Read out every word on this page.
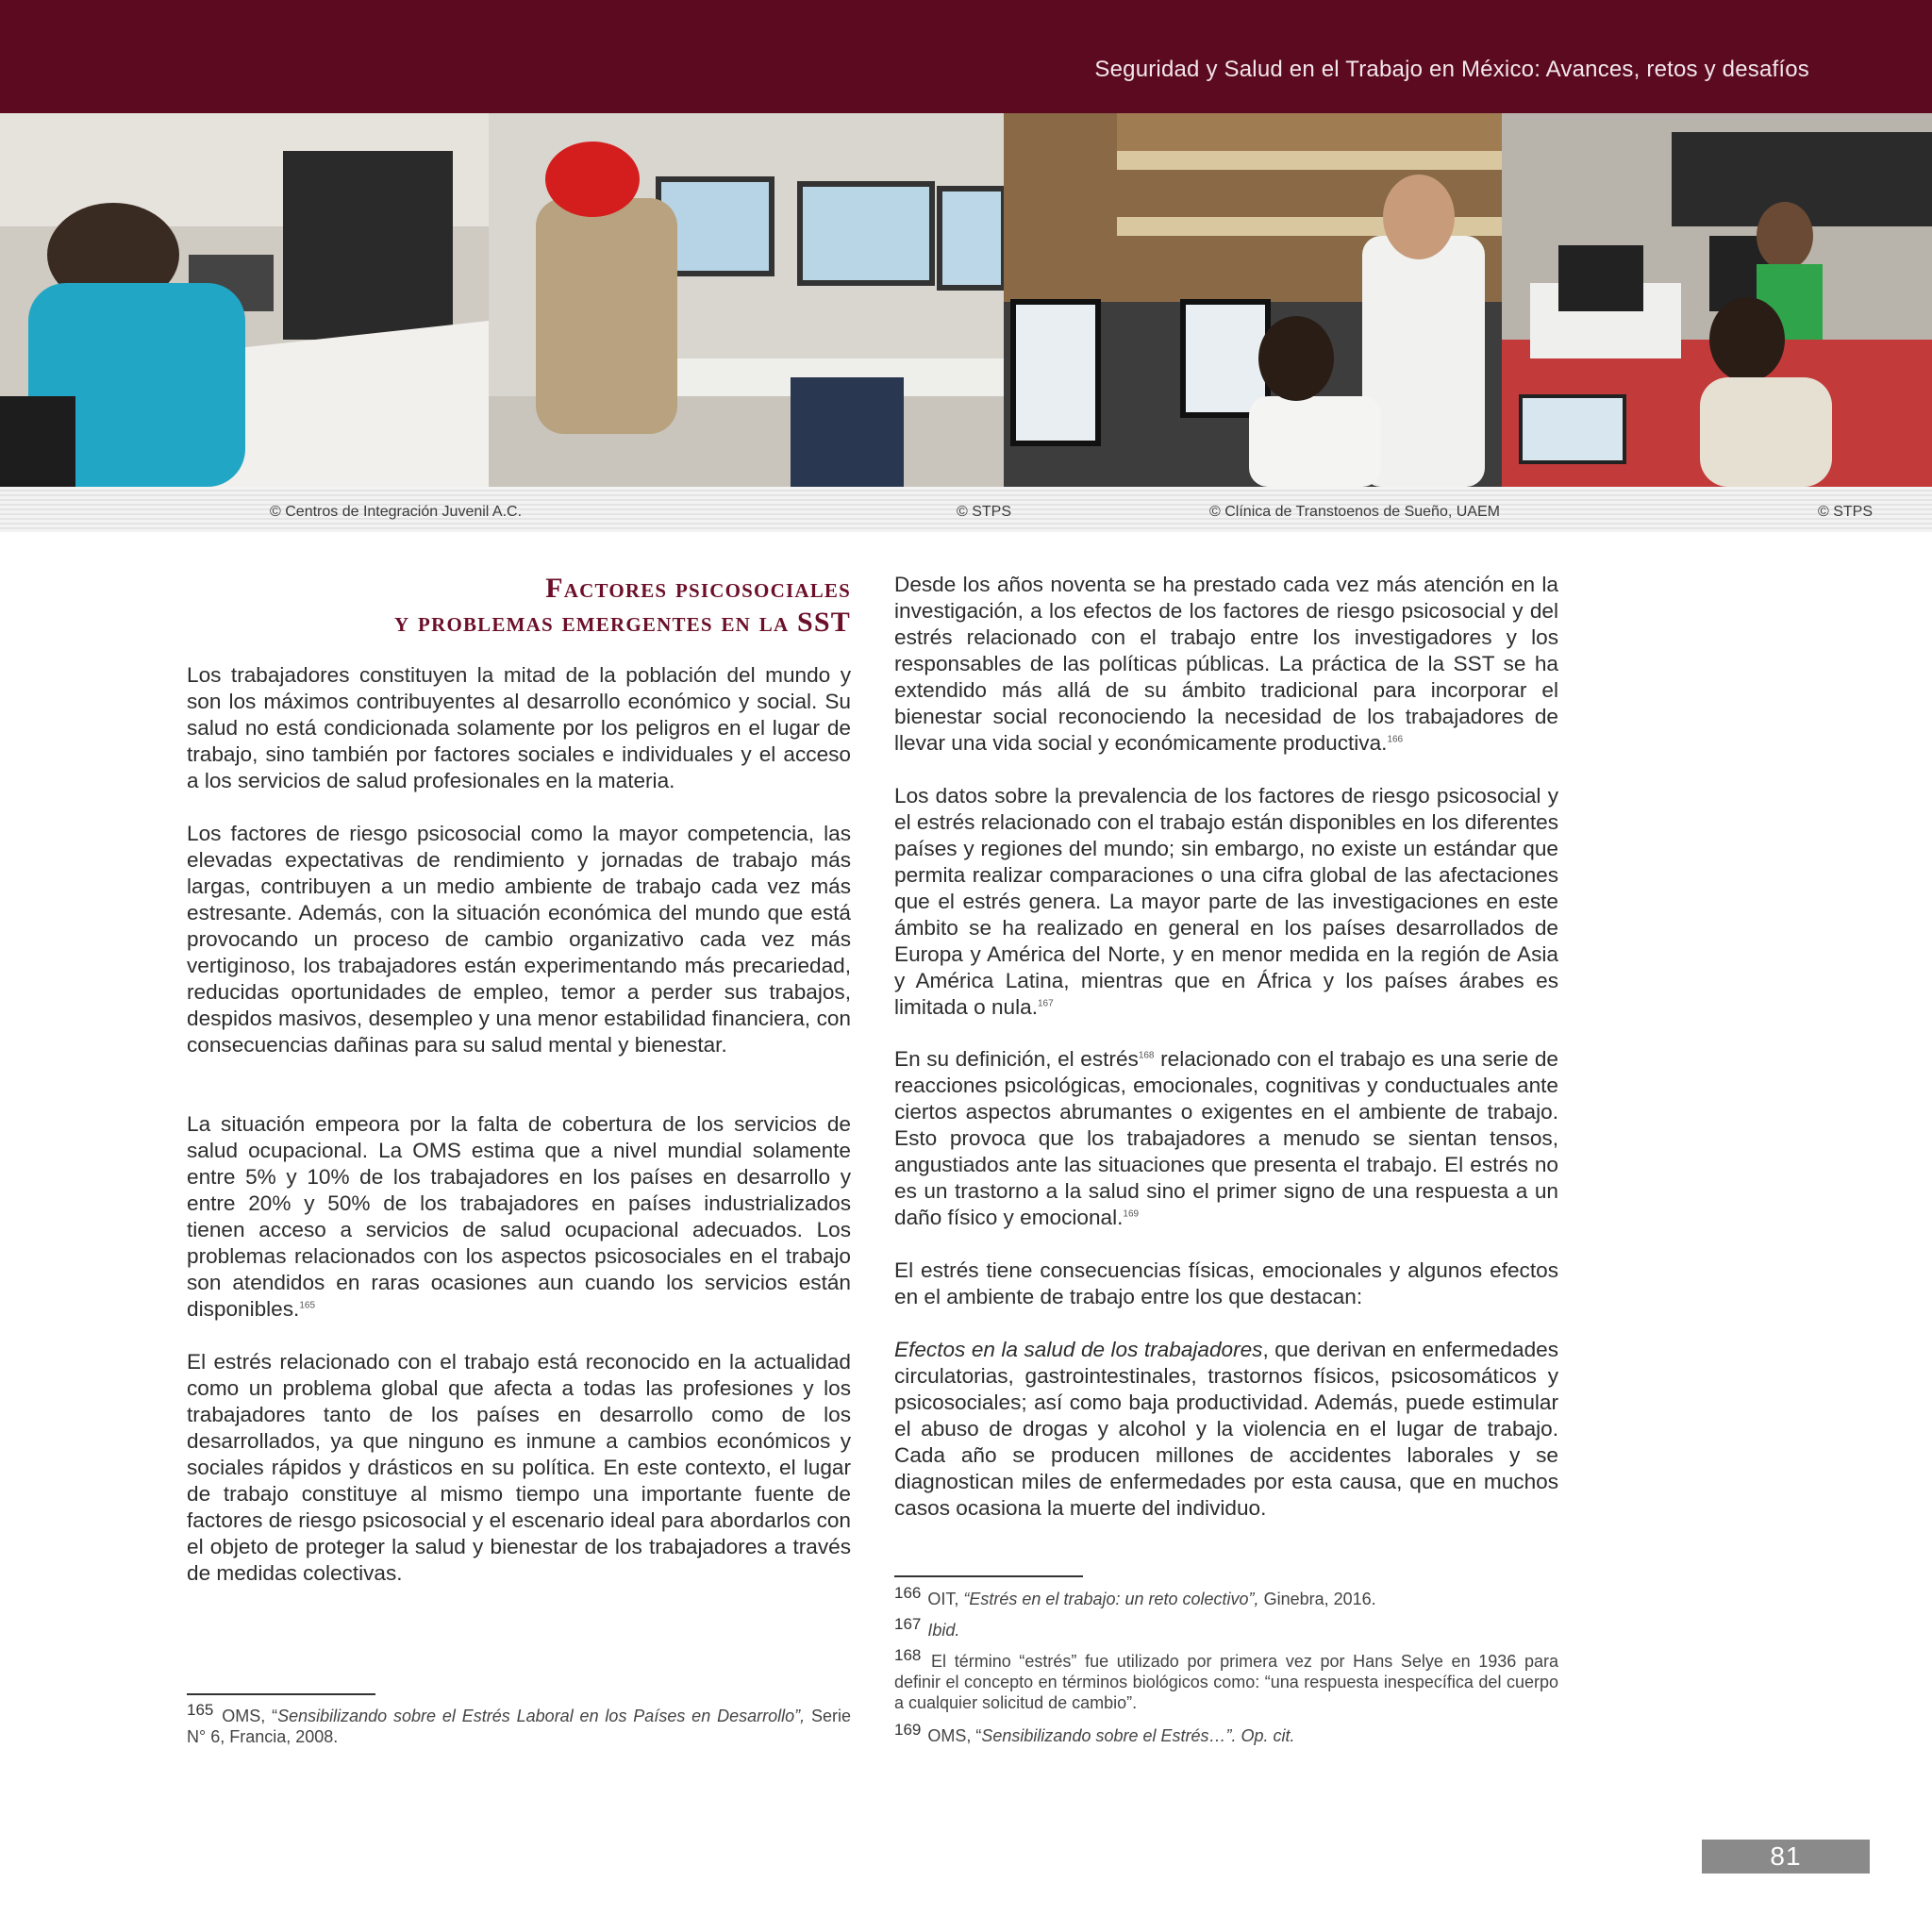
Seguridad y Salud en el Trabajo en México: Avances, retos y desafíos
© Centros de Integración Juvenil A.C.	© STPS	© Clínica de Transtoenos de Sueño, UAEM	© STPS
Factores psicosociales
y problemas emergentes en la SST

Los trabajadores constituyen la mitad de la población del mundo y son los máximos contribuyentes al desarrollo económico y social. Su salud no está condicionada solamente por los peligros en el lugar de trabajo, sino también por factores sociales e individuales y el acceso a los servicios de salud profesionales en la materia.

Los factores de riesgo psicosocial como la mayor competencia, las elevadas expectativas de rendimiento y jornadas de trabajo más largas, contribuyen a un medio ambiente de trabajo cada vez más estresante. Además, con la situación económica del mundo que está provocando un proceso de cambio organizativo cada vez más vertiginoso, los trabajadores están experimentando más precariedad, reducidas oportunidades de empleo, temor a perder sus trabajos, despidos masivos, desempleo y una menor estabilidad financiera, con consecuencias dañinas para su salud mental y bienestar.

La situación empeora por la falta de cobertura de los servicios de salud ocupacional. La OMS estima que a nivel mundial solamente entre 5% y 10% de los trabajadores en los países en desarrollo y entre 20% y 50% de los trabajadores en países industrializados tienen acceso a servicios de salud ocupacional adecuados. Los problemas relacionados con los aspectos psicosociales en el trabajo son atendidos en raras ocasiones aun cuando los servicios están disponibles.$^{165}$

El estrés relacionado con el trabajo está reconocido en la actualidad como un problema global que afecta a todas las profesiones y los trabajadores tanto de los países en desarrollo como de los desarrollados, ya que ninguno es inmune a cambios económicos y sociales rápidos y drásticos en su política. En este contexto, el lugar de trabajo constituye al mismo tiempo una importante fuente de factores de riesgo psicosocial y el escenario ideal para abordarlos con el objeto de proteger la salud y bienestar de los trabajadores a través de medidas colectivas.

165 OMS, “Sensibilizando sobre el Estrés Laboral en los Países en Desarrollo”, Serie N° 6, Francia, 2008.

Desde los años noventa se ha prestado cada vez más atención en la investigación, a los efectos de los factores de riesgo psicosocial y del estrés relacionado con el trabajo entre los investigadores y los responsables de las políticas públicas. La práctica de la SST se ha extendido más allá de su ámbito tradicional para incorporar el bienestar social reconociendo la necesidad de los trabajadores de llevar una vida social y económicamente productiva.$^{166}$

Los datos sobre la prevalencia de los factores de riesgo psicosocial y el estrés relacionado con el trabajo están disponibles en los diferentes países y regiones del mundo; sin embargo, no existe un estándar que permita realizar comparaciones o una cifra global de las afectaciones que el estrés genera. La mayor parte de las investigaciones en este ámbito se ha realizado en general en los países desarrollados de Europa y América del Norte, y en menor medida en la región de Asia y América Latina, mientras que en África y los países árabes es limitada o nula.$^{167}$

En su definición, el estrés$^{168}$ relacionado con el trabajo es una serie de reacciones psicológicas, emocionales, cognitivas y conductuales ante ciertos aspectos abrumantes o exigentes en el ambiente de trabajo. Esto provoca que los trabajadores a menudo se sientan tensos, angustiados ante las situaciones que presenta el trabajo. El estrés no es un trastorno a la salud sino el primer signo de una respuesta a un daño físico y emocional.$^{169}$

El estrés tiene consecuencias físicas, emocionales y algunos efectos en el ambiente de trabajo entre los que destacan:

Efectos en la salud de los trabajadores, que derivan en enfermedades circulatorias, gastrointestinales, trastornos físicos, psicosomáticos y psicosociales; así como baja productividad. Además, puede estimular el abuso de drogas y alcohol y la violencia en el lugar de trabajo. Cada año se producen millones de accidentes laborales y se diagnostican miles de enfermedades por esta causa, que en muchos casos ocasiona la muerte del individuo.

166 OIT, “Estrés en el trabajo: un reto colectivo”, Ginebra, 2016.

167 Ibid.

168 El término “estrés” fue utilizado por primera vez por Hans Selye en 1936 para definir el concepto en términos biológicos como: “una respuesta inespecífica del cuerpo a cualquier solicitud de cambio”.

169 OMS, “Sensibilizando sobre el Estrés…”. Op. cit.

81
